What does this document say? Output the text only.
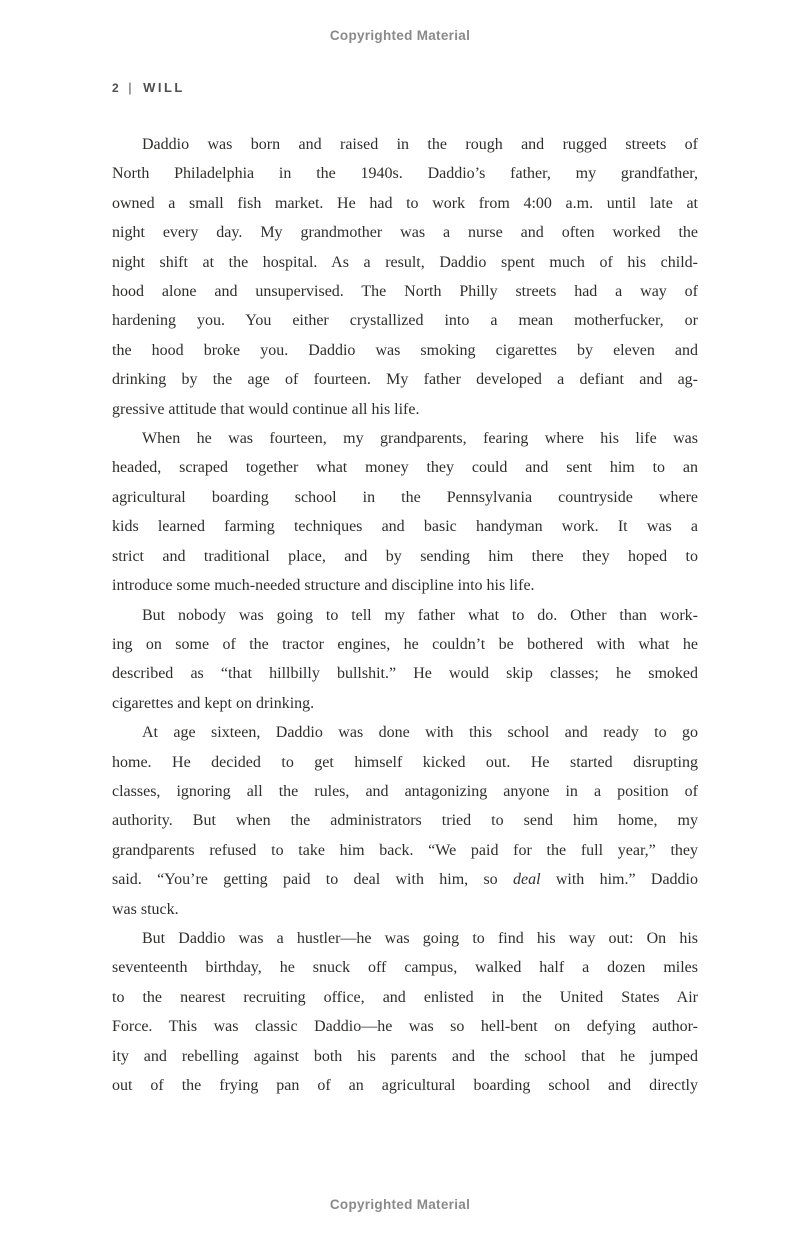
Copyrighted Material
2 | WILL
Daddio was born and raised in the rough and rugged streets of
North Philadelphia in the 1940s. Daddio’s father, my grandfather,
owned a small fish market. He had to work from 4:00 a.m. until late at
night every day. My grandmother was a nurse and often worked the
night shift at the hospital. As a result, Daddio spent much of his child-
hood alone and unsupervised. The North Philly streets had a way of
hardening you. You either crystallized into a mean motherfucker, or
the hood broke you. Daddio was smoking cigarettes by eleven and
drinking by the age of fourteen. My father developed a defiant and ag-
gressive attitude that would continue all his life.
When he was fourteen, my grandparents, fearing where his life was
headed, scraped together what money they could and sent him to an
agricultural boarding school in the Pennsylvania countryside where
kids learned farming techniques and basic handyman work. It was a
strict and traditional place, and by sending him there they hoped to
introduce some much-needed structure and discipline into his life.
But nobody was going to tell my father what to do. Other than work-
ing on some of the tractor engines, he couldn’t be bothered with what he
described as “that hillbilly bullshit.” He would skip classes; he smoked
cigarettes and kept on drinking.
At age sixteen, Daddio was done with this school and ready to go
home. He decided to get himself kicked out. He started disrupting
classes, ignoring all the rules, and antagonizing anyone in a position of
authority. But when the administrators tried to send him home, my
grandparents refused to take him back. “We paid for the full year,” they
said. “You’re getting paid to deal with him, so deal with him.” Daddio
was stuck.
But Daddio was a hustler—he was going to find his way out: On his
seventeenth birthday, he snuck off campus, walked half a dozen miles
to the nearest recruiting office, and enlisted in the United States Air
Force. This was classic Daddio—he was so hell-bent on defying author-
ity and rebelling against both his parents and the school that he jumped
out of the frying pan of an agricultural boarding school and directly
Copyrighted Material
